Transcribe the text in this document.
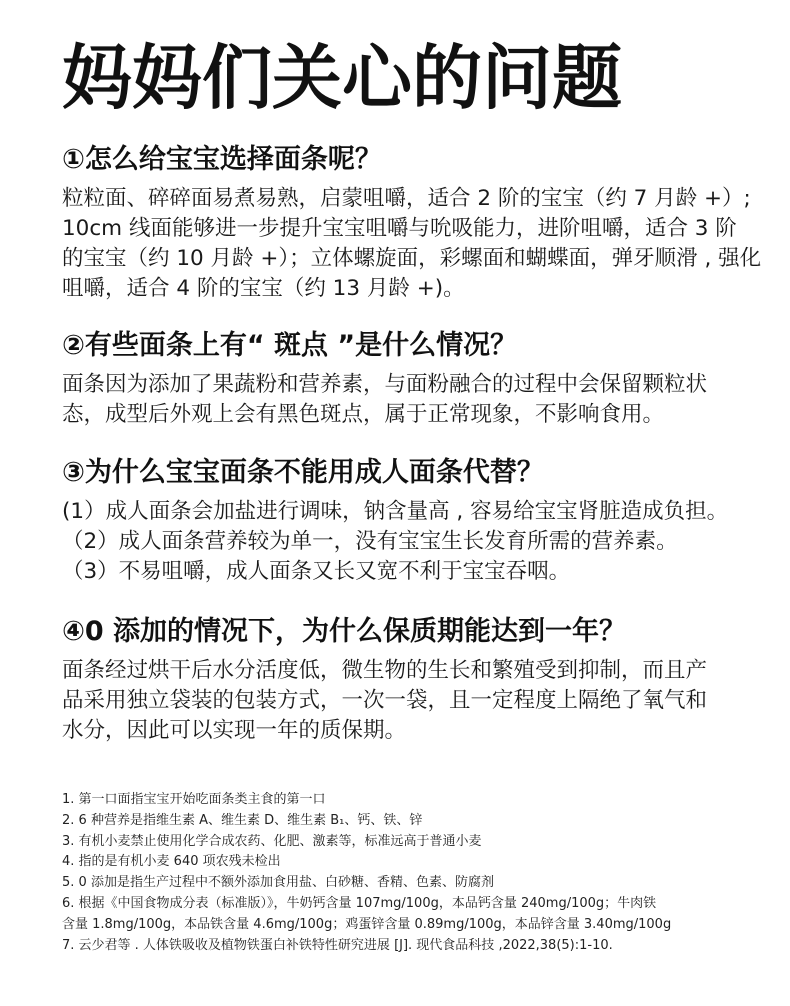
妈妈们关心的问题
①怎么给宝宝选择面条呢？

粒粒面、碎碎面易煮易熟，启蒙咀嚼，适合 2 阶的宝宝（约 7 月龄 +）;
10cm 线面能够进一步提升宝宝咀嚼与吮吸能力，进阶咀嚼，适合 3 阶
的宝宝（约 10 月龄 +）；立体螺旋面，彩螺面和蝴蝶面，弹牙顺滑 , 强化
咀嚼，适合 4 阶的宝宝（约 13 月龄 +)。

②有些面条上有“ 斑点 ”是什么情况？

面条因为添加了果蔬粉和营养素，与面粉融合的过程中会保留颗粒状
态，成型后外观上会有黑色斑点，属于正常现象，不影响食用。

③为什么宝宝面条不能用成人面条代替？

(1）成人面条会加盐进行调味，钠含量高 , 容易给宝宝肾脏造成负担。
（2）成人面条营养较为单一，没有宝宝生长发育所需的营养素。
（3）不易咀嚼，成人面条又长又宽不利于宝宝吞咽。

④0 添加的情况下，为什么保质期能达到一年？

面条经过烘干后水分活度低，微生物的生长和繁殖受到抑制，而且产
品采用独立袋装的包装方式，一次一袋，且一定程度上隔绝了氧气和
水分，因此可以实现一年的质保期。

1. 第一口面指宝宝开始吃面条类主食的第一口
2. 6 种营养是指维生素 A、维生素 D、维生素 B₁、钙、铁、锌
3. 有机小麦禁止使用化学合成农药、化肥、激素等，标准远高于普通小麦
4. 指的是有机小麦 640 项农残未检出
5. 0 添加是指生产过程中不额外添加食用盐、白砂糖、香精、色素、防腐剂
6. 根据《中国食物成分表（标准版）》，牛奶钙含量 107mg/100g，本品钙含量 240mg/100g；牛肉铁
含量 1.8mg/100g，本品铁含量 4.6mg/100g；鸡蛋锌含量 0.89mg/100g，本品锌含量 3.40mg/100g
7. 云少君等 . 人体铁吸收及植物铁蛋白补铁特性研究进展 [J]. 现代食品科技 ,2022,38(5):1-10.
